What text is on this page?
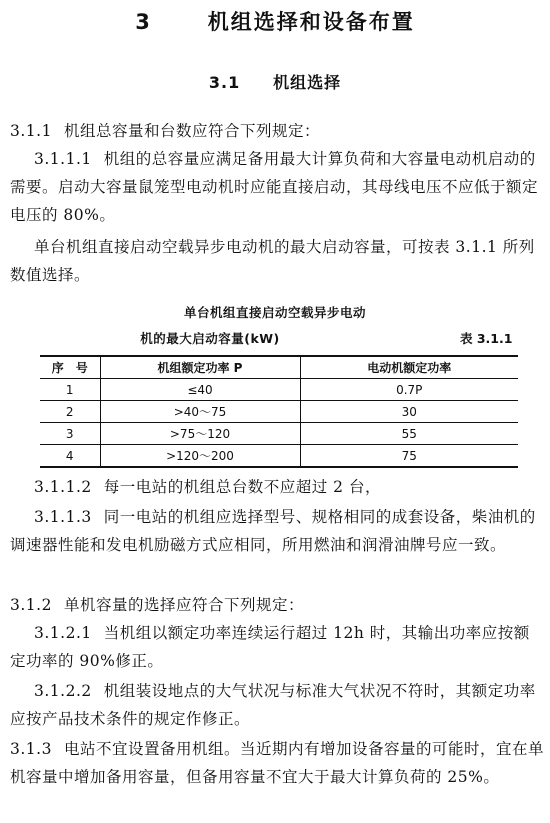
3	机组选择和设备布置
3.1 机组选择
3.1.1 机组总容量和台数应符合下列规定：
3.1.1.1 机组的总容量应满足备用最大计算负荷和大容量电动机启动的需要。启动大容量鼠笼型电动机时应能直接启动，其母线电压不应低于额定电压的 80%。
单台机组直接启动空载异步电动机的最大启动容量，可按表 3.1.1 所列数值选择。
单台机组直接启动空载异步电动
机的最大启动容量(kW)	表 3.1.1
序　号	机组额定功率 P	电动机额定功率
1	≤40	0.7P
2	>40～75	30
3	>75～120	55
4	>120～200	75
3.1.1.2 每一电站的机组总台数不应超过 2 台，
3.1.1.3 同一电站的机组应选择型号、规格相同的成套设备，柴油机的调速器性能和发电机励磁方式应相同，所用燃油和润滑油牌号应一致。
3.1.2 单机容量的选择应符合下列规定：
3.1.2.1 当机组以额定功率连续运行超过 12h 时，其输出功率应按额定功率的 90%修正。
3.1.2.2 机组装设地点的大气状况与标准大气状况不符时，其额定功率应按产品技术条件的规定作修正。
3.1.3 电站不宜设置备用机组。当近期内有增加设备容量的可能时，宜在单机容量中增加备用容量，但备用容量不宜大于最大计算负荷的 25%。
